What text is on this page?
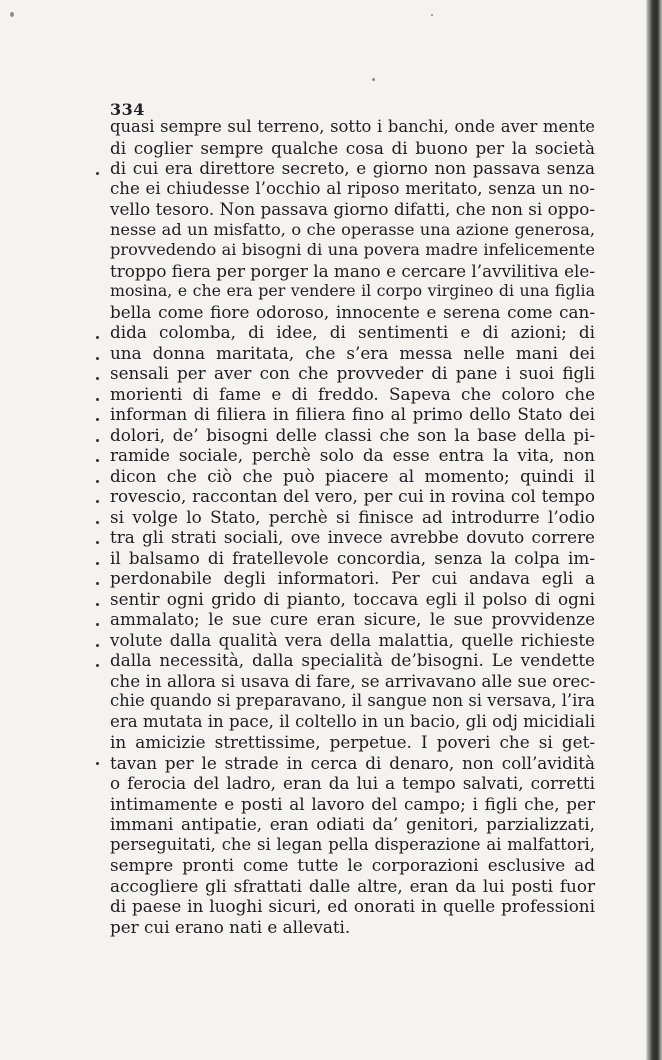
334
quasi sempre sul terreno, sotto i banchi, onde aver mente
di coglier sempre qualche cosa di buono per la società
di cui era direttore secreto, e giorno non passava senza
che ei chiudesse l’occhio al riposo meritato, senza un no-
vello tesoro. Non passava giorno difatti, che non si oppo-
nesse ad un misfatto, o che operasse una azione generosa,
provvedendo ai bisogni di una povera madre infelicemente
troppo fiera per porger la mano e cercare l’avvilitiva ele-
mosina, e che era per vendere il corpo virgineo di una figlia
bella come fiore odoroso, innocente e serena come can-
dida colomba, di idee, di sentimenti e di azioni; di
una donna maritata, che s’era messa nelle mani dei
sensali per aver con che provveder di pane i suoi figli
morienti di fame e di freddo. Sapeva che coloro che
informan di filiera in filiera fino al primo dello Stato dei
dolori, de’ bisogni delle classi che son la base della pi-
ramide sociale, perchè solo da esse entra la vita, non
dicon che ciò che può piacere al momento; quindi il
rovescio, raccontan del vero, per cui in rovina col tempo
si volge lo Stato, perchè si finisce ad introdurre l’odio
tra gli strati sociali, ove invece avrebbe dovuto correre
il balsamo di fratellevole concordia, senza la colpa im-
perdonabile degli informatori. Per cui andava egli a
sentir ogni grido di pianto, toccava egli il polso di ogni
ammalato; le sue cure eran sicure, le sue provvidenze
volute dalla qualità vera della malattia, quelle richieste
dalla necessità, dalla specialità de’bisogni. Le vendette
che in allora si usava di fare, se arrivavano alle sue orec-
chie quando si preparavano, il sangue non si versava, l’ira
era mutata in pace, il coltello in un bacio, gli odj micidiali
in amicizie strettissime, perpetue. I poveri che si get-
tavan per le strade in cerca di denaro, non coll’avidità
o ferocia del ladro, eran da lui a tempo salvati, corretti
intimamente e posti al lavoro del campo; i figli che, per
immani antipatie, eran odiati da’ genitori, parzializzati,
perseguitati, che si legan pella disperazione ai malfattori,
sempre pronti come tutte le corporazioni esclusive ad
accogliere gli sfrattati dalle altre, eran da lui posti fuor
di paese in luoghi sicuri, ed onorati in quelle professioni
per cui erano nati e allevati.
